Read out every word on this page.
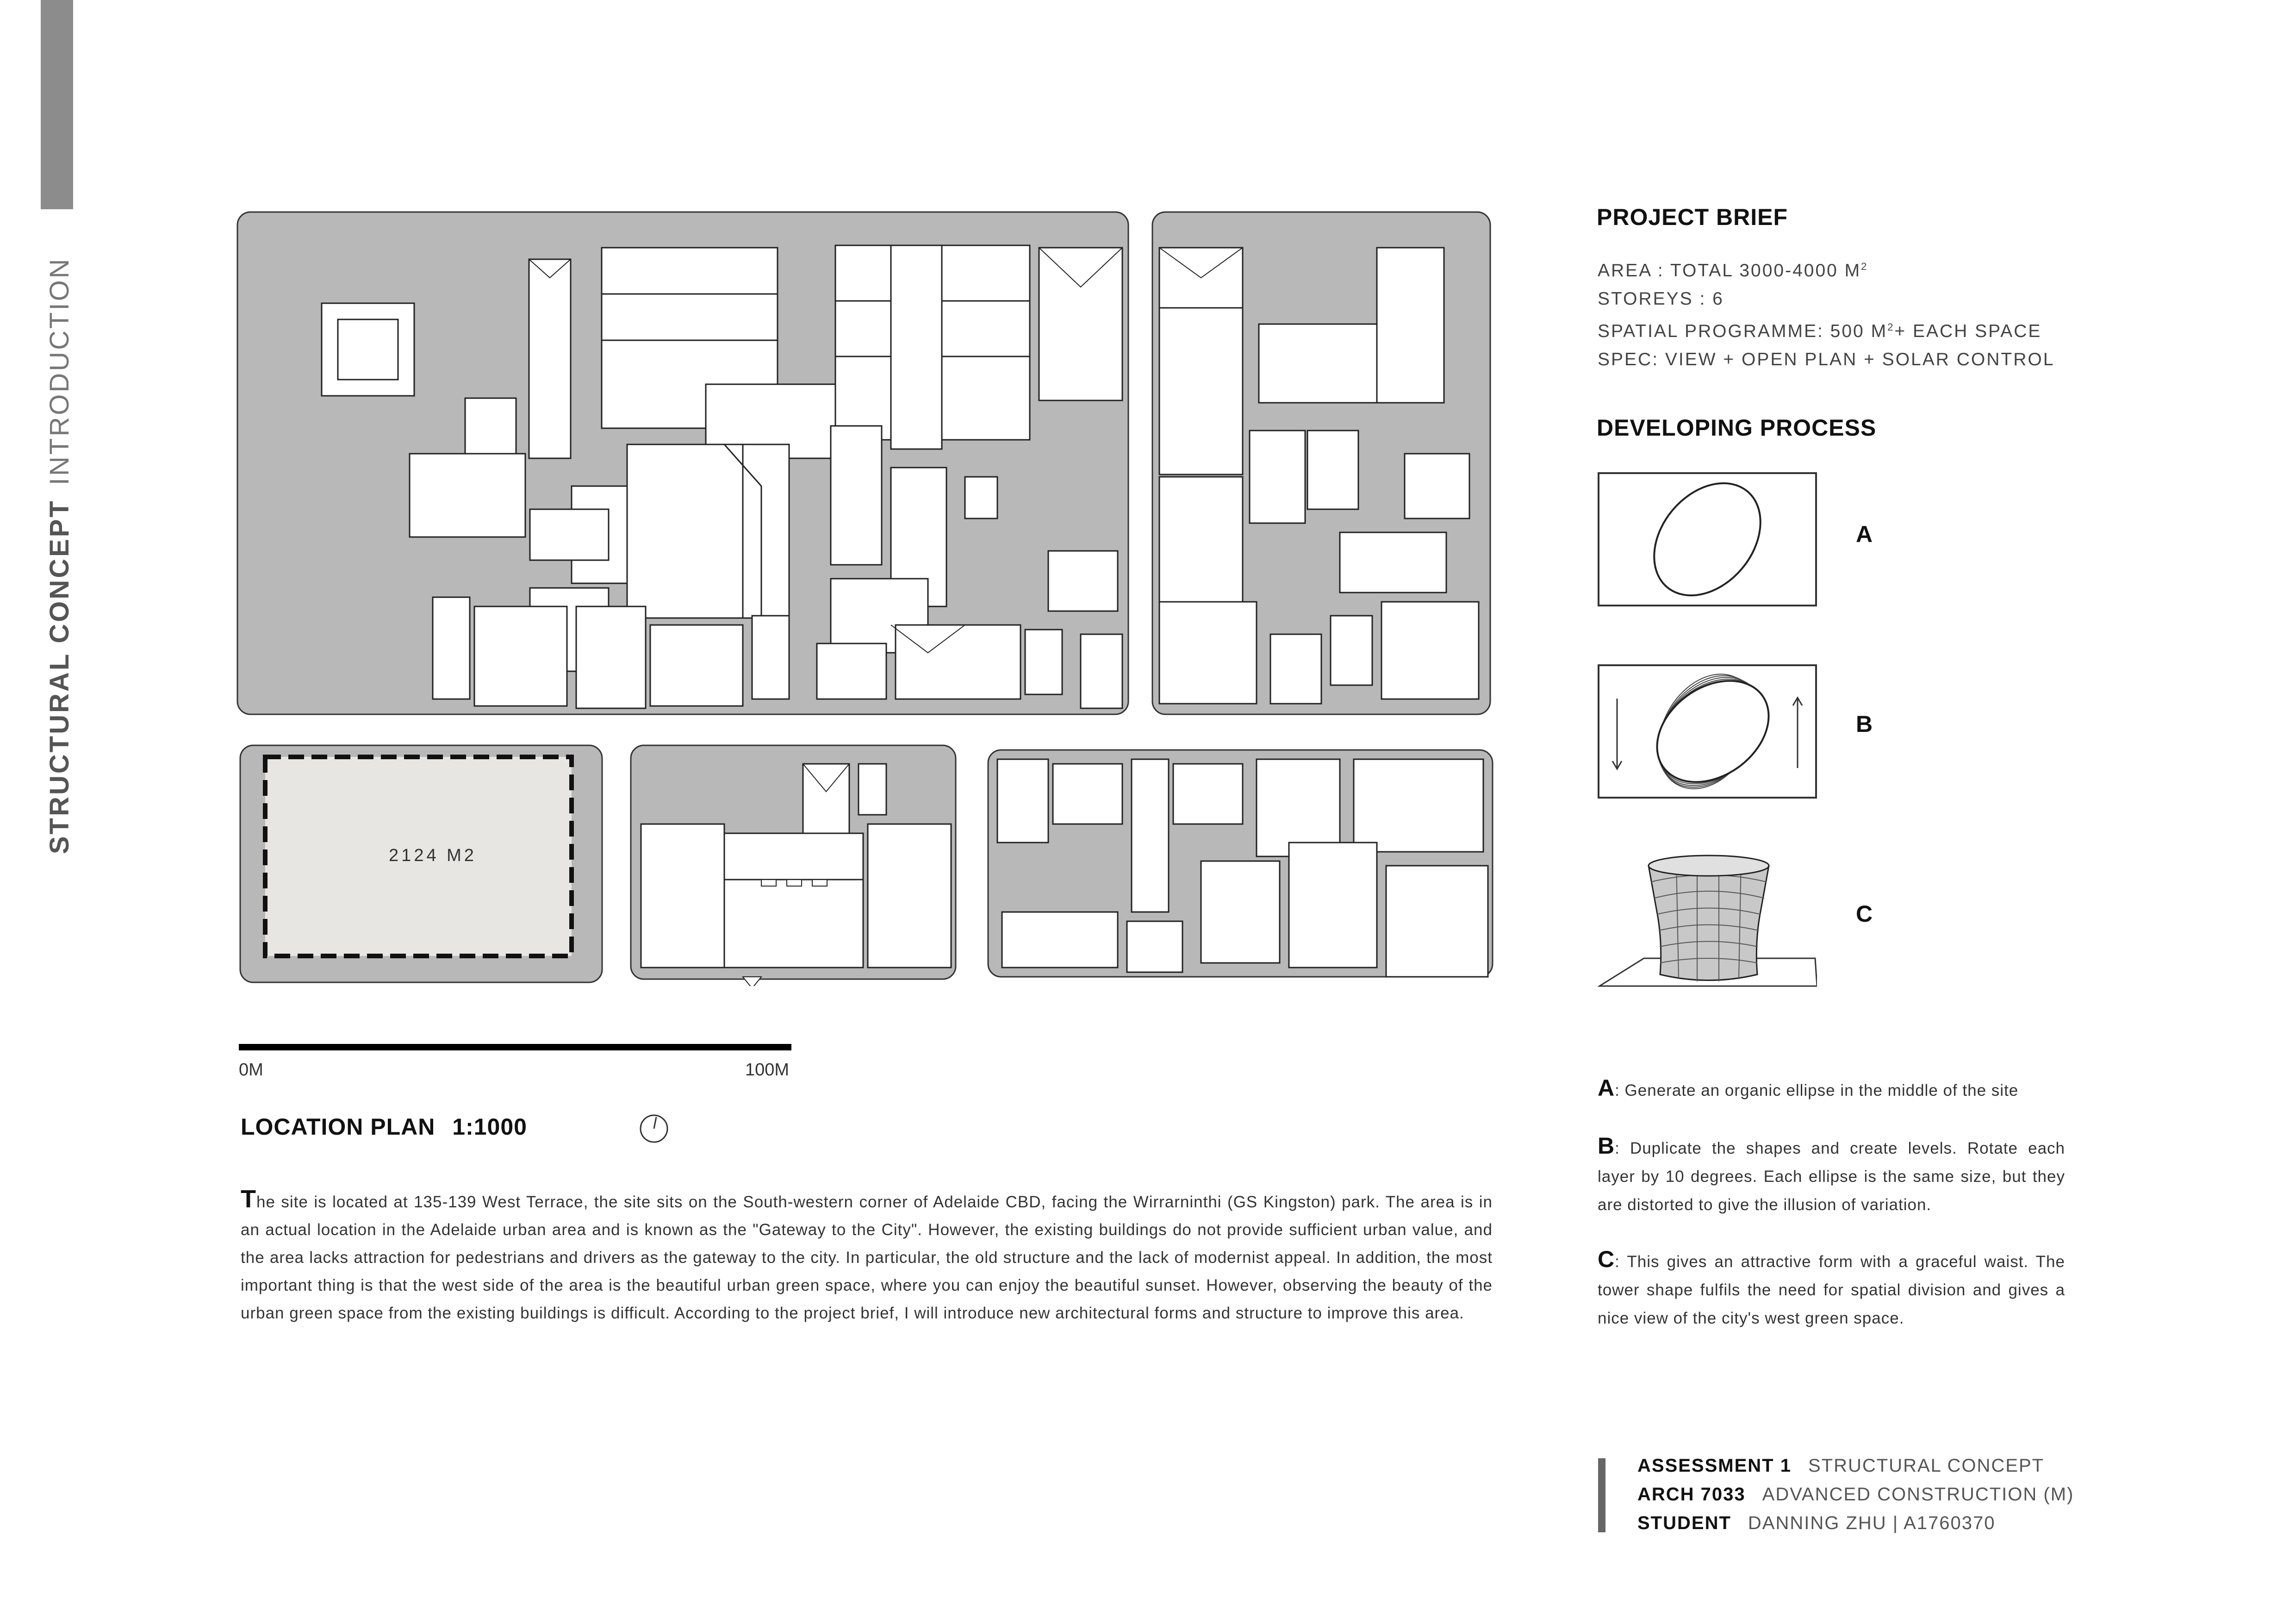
STRUCTURAL CONCEPTINTRODUCTION
2124 M2
0M	100M
LOCATION PLAN 1:1000
The site is located at 135-139 West Terrace, the site sits on the South-western corner of Adelaide CBD, facing the Wirrarninthi (GS Kingston) park. The area is in an actual location in the Adelaide urban area and is known as the "Gateway to the City". However, the existing buildings do not provide sufficient urban value, and the area lacks attraction for pedestrians and drivers as the gateway to the city. In particular, the old structure and the lack of modernist appeal. In addition, the most important thing is that the west side of the area is the beautiful urban green space, where you can enjoy the beautiful sunset. However, observing the beauty of the urban green space from the existing buildings is difficult. According to the project brief, I will introduce new architectural forms and structure to improve this area.
PROJECT BRIEF
AREA : TOTAL 3000-4000 $M^2$
STOREYS : 6
SPATIAL PROGRAMME: 500 $M^2+$ EACH SPACE
SPEC: VIEW + OPEN PLAN + SOLAR CONTROL
DEVELOPING PROCESS
A
B
C
A: Generate an organic ellipse in the middle of the site
B: Duplicate the shapes and create levels. Rotate each layer by 10 degrees. Each ellipse is the same size, but they are distorted to give the illusion of variation.
C: This gives an attractive form with a graceful waist. The tower shape fulfils the need for spatial division and gives a nice view of the city's west green space.
ASSESSMENT 1 STRUCTURAL CONCEPT
ARCH 7033 ADVANCED CONSTRUCTION (M)
STUDENT DANNING ZHU | A1760370
